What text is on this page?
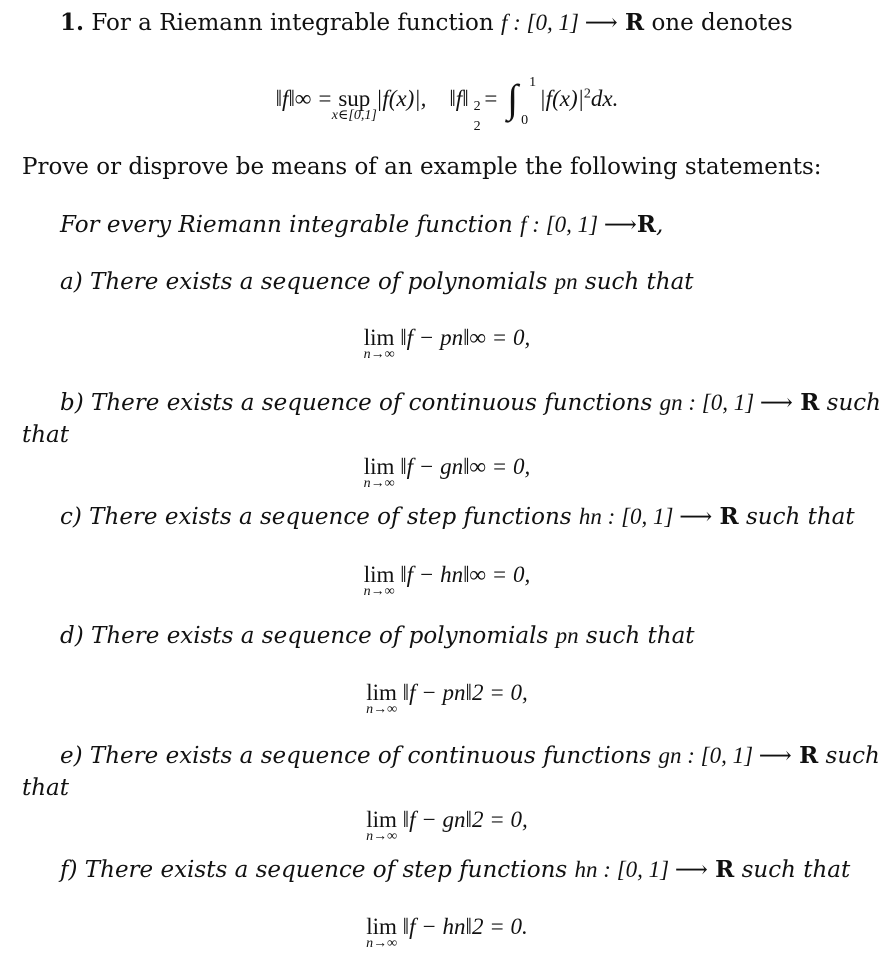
1. For a Riemann integrable function f : [0, 1] ⟶ R one denotes
‖f‖∞ = sup
x∈[0,1]
|f(x)|, ‖f‖ 2
2
= ∫ 1
0
$|f(x)|^2dx$.
Prove or disprove be means of an example the following statements:
For every Riemann integrable function f : [0, 1] ⟶R,
a) There exists a sequence of polynomials pn such that
lim
n→∞
‖f − pn‖∞ = 0,
b) There exists a sequence of continuous functions gn : [0, 1] ⟶ R such
that
lim
n→∞
‖f − gn‖∞ = 0,
c) There exists a sequence of step functions hn : [0, 1] ⟶ R such that
lim
n→∞
‖f − hn‖∞ = 0,
d) There exists a sequence of polynomials pn such that
lim
n→∞
‖f − pn‖2 = 0,
e) There exists a sequence of continuous functions gn : [0, 1] ⟶ R such
that
lim
n→∞
‖f − gn‖2 = 0,
f) There exists a sequence of step functions hn : [0, 1] ⟶ R such that
lim
n→∞
‖f − hn‖2 = 0.
